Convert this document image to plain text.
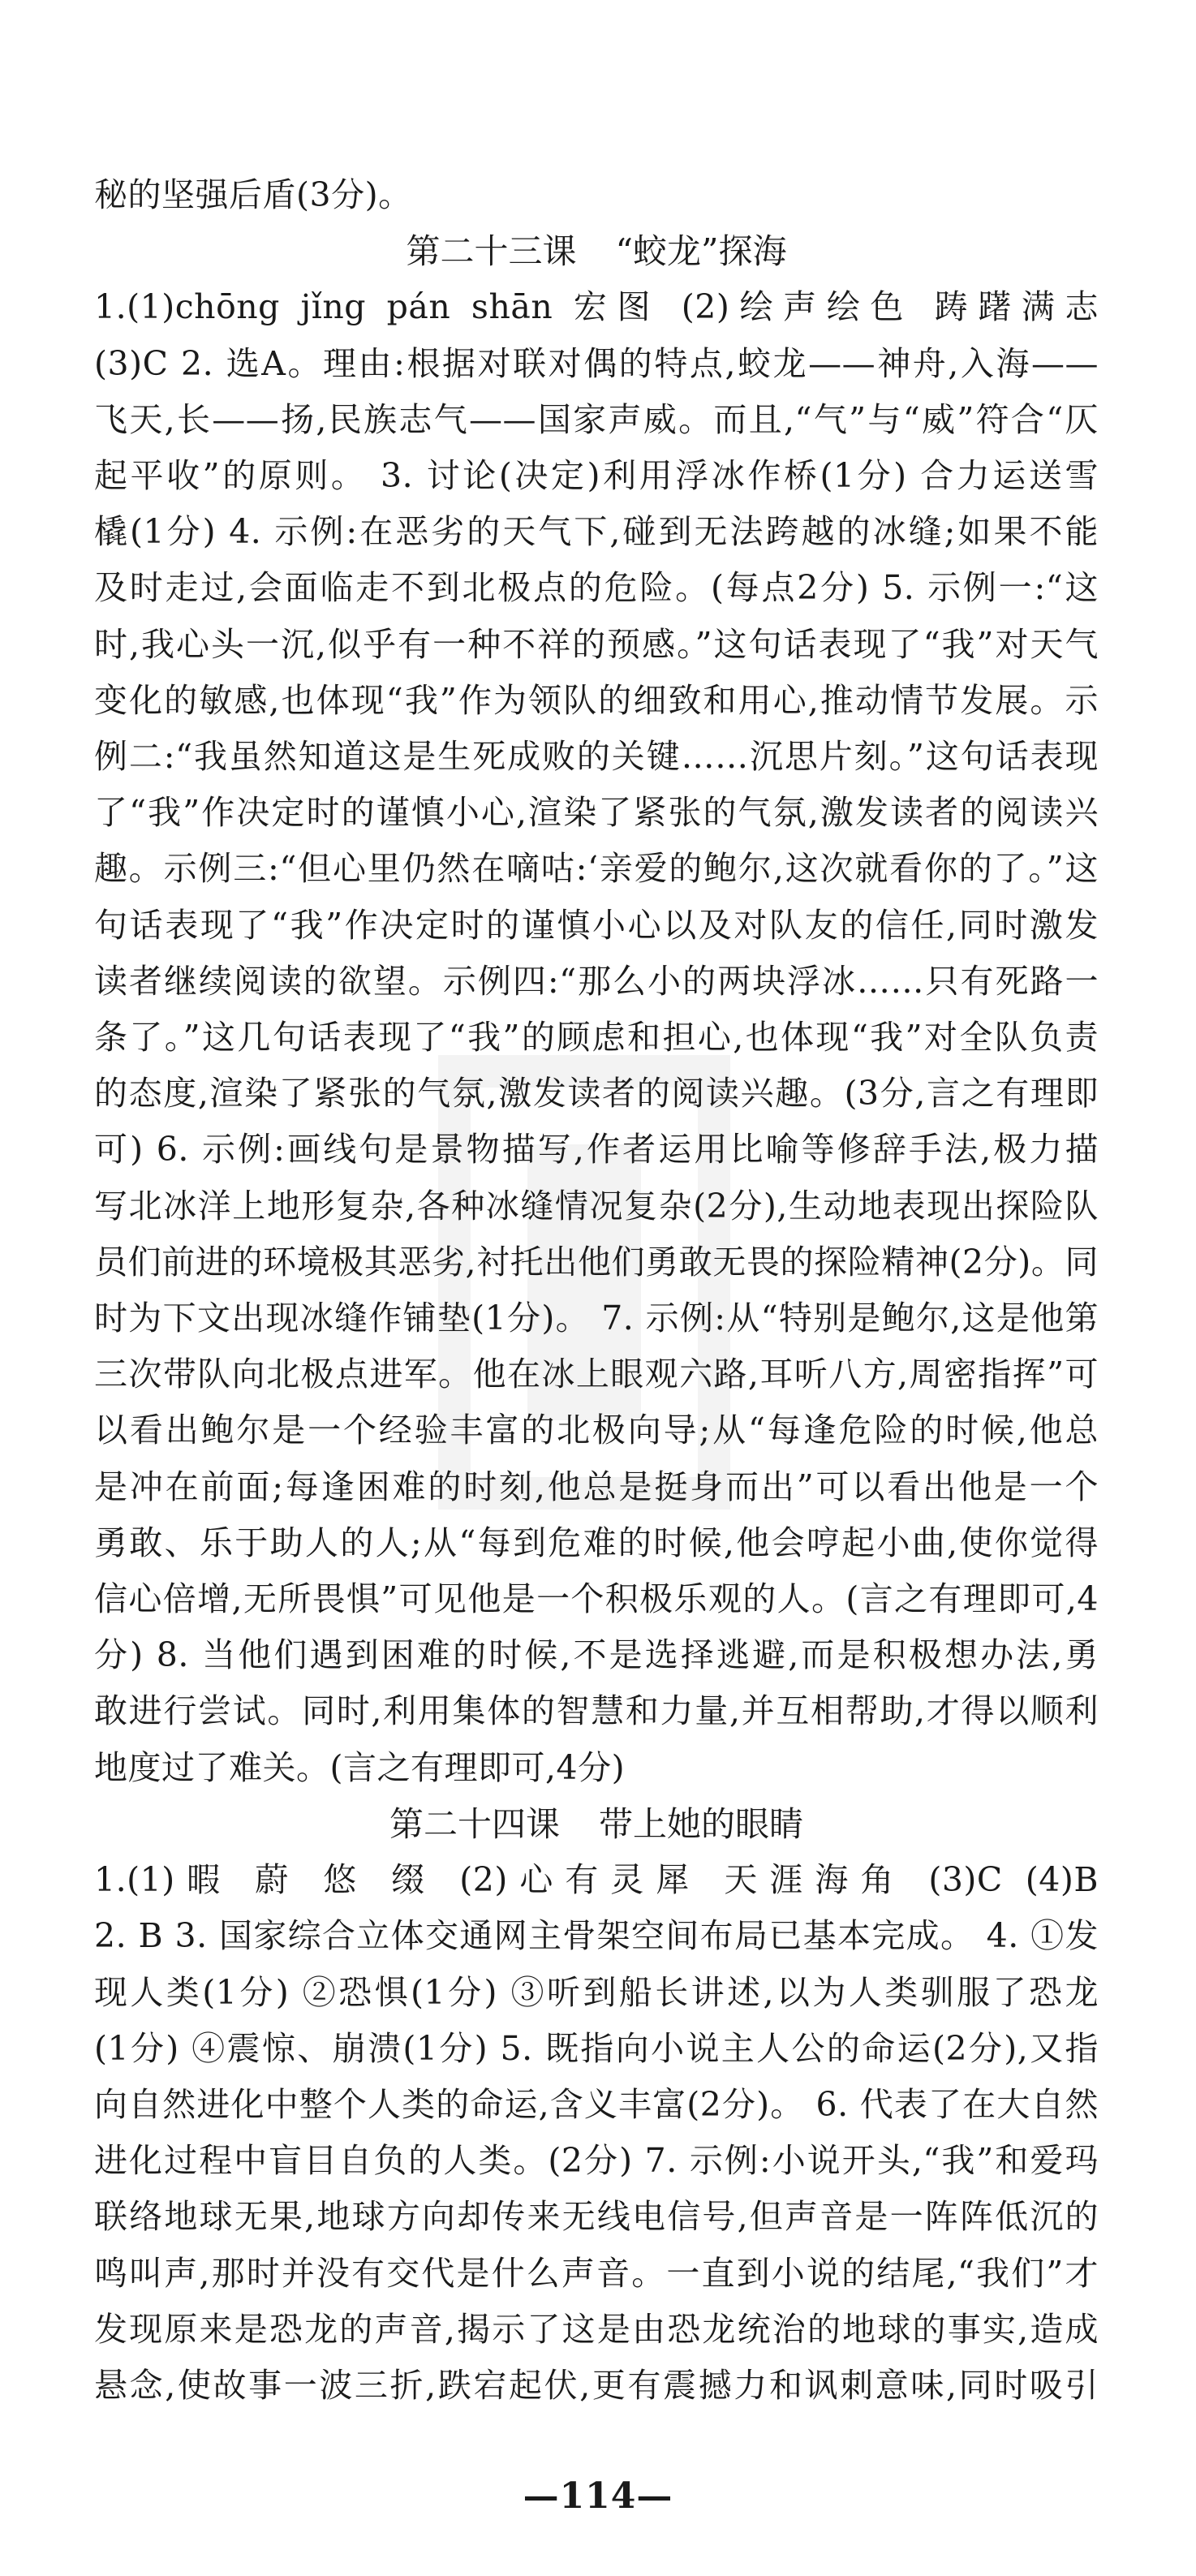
秘的坚强后盾(3分)。

第二十三课 “蛟龙”探海

1.(1)chōng jǐng pán shān 宏图 (2)绘声绘色 踌躇满志

(3)C 2. 选A。理由:根据对联对偶的特点,蛟龙——神舟,入海——

飞天,长——扬,民族志气——国家声威。而且,“气”与“威”符合“仄

起平收”的原则。 3. 讨论(决定)利用浮冰作桥(1分) 合力运送雪

橇(1分) 4. 示例:在恶劣的天气下,碰到无法跨越的冰缝;如果不能

及时走过,会面临走不到北极点的危险。(每点2分) 5. 示例一:“这

时,我心头一沉,似乎有一种不祥的预感。”这句话表现了“我”对天气

变化的敏感,也体现“我”作为领队的细致和用心,推动情节发展。示

例二:“我虽然知道这是生死成败的关键……沉思片刻。”这句话表现

了“我”作决定时的谨慎小心,渲染了紧张的气氛,激发读者的阅读兴

趣。示例三:“但心里仍然在嘀咕:‘亲爱的鲍尔,这次就看你的了。”这

句话表现了“我”作决定时的谨慎小心以及对队友的信任,同时激发

读者继续阅读的欲望。示例四:“那么小的两块浮冰……只有死路一

条了。”这几句话表现了“我”的顾虑和担心,也体现“我”对全队负责

的态度,渲染了紧张的气氛,激发读者的阅读兴趣。(3分,言之有理即

可) 6. 示例:画线句是景物描写,作者运用比喻等修辞手法,极力描

写北冰洋上地形复杂,各种冰缝情况复杂(2分),生动地表现出探险队

员们前进的环境极其恶劣,衬托出他们勇敢无畏的探险精神(2分)。同

时为下文出现冰缝作铺垫(1分)。 7. 示例:从“特别是鲍尔,这是他第

三次带队向北极点进军。他在冰上眼观六路,耳听八方,周密指挥”可

以看出鲍尔是一个经验丰富的北极向导;从“每逢危险的时候,他总

是冲在前面;每逢困难的时刻,他总是挺身而出”可以看出他是一个

勇敢、乐于助人的人;从“每到危难的时候,他会哼起小曲,使你觉得

信心倍增,无所畏惧”可见他是一个积极乐观的人。(言之有理即可,4

分) 8. 当他们遇到困难的时候,不是选择逃避,而是积极想办法,勇

敢进行尝试。同时,利用集体的智慧和力量,并互相帮助,才得以顺利

地度过了难关。(言之有理即可,4分)

第二十四课 带上她的眼睛

1.(1)暇 蔚 悠 缀 (2)心有灵犀 天涯海角 (3)C (4)B

2. B 3. 国家综合立体交通网主骨架空间布局已基本完成。 4. ①发

现人类(1分) ②恐惧(1分) ③听到船长讲述,以为人类驯服了恐龙

(1分) ④震惊、崩溃(1分) 5. 既指向小说主人公的命运(2分),又指

向自然进化中整个人类的命运,含义丰富(2分)。 6. 代表了在大自然

进化过程中盲目自负的人类。(2分) 7. 示例:小说开头,“我”和爱玛

联络地球无果,地球方向却传来无线电信号,但声音是一阵阵低沉的

鸣叫声,那时并没有交代是什么声音。一直到小说的结尾,“我们”才

发现原来是恐龙的声音,揭示了这是由恐龙统治的地球的事实,造成

悬念,使故事一波三折,跌宕起伏,更有震撼力和讽刺意味,同时吸引

—114—
